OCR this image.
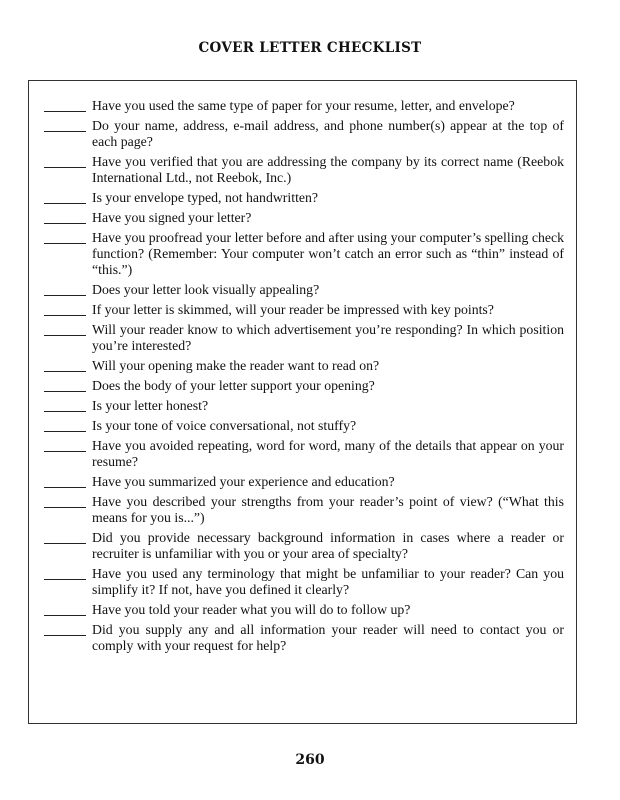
COVER LETTER CHECKLIST
Have you used the same type of paper for your resume, letter, and envelope?
Do your name, address, e-mail address, and phone number(s) appear at the top of each page?
Have you verified that you are addressing the company by its correct name (Reebok International Ltd., not Reebok, Inc.)
Is your envelope typed, not handwritten?
Have you signed your letter?
Have you proofread your letter before and after using your computer’s spelling check function? (Remember: Your computer won’t catch an error such as “thin” instead of “this.”)
Does your letter look visually appealing?
If your letter is skimmed, will your reader be impressed with key points?
Will your reader know to which advertisement you’re responding? In which position you’re interested?
Will your opening make the reader want to read on?
Does the body of your letter support your opening?
Is your letter honest?
Is your tone of voice conversational, not stuffy?
Have you avoided repeating, word for word, many of the details that appear on your resume?
Have you summarized your experience and education?
Have you described your strengths from your reader’s point of view? (“What this means for you is...”)
Did you provide necessary background information in cases where a reader or recruiter is unfamiliar with you or your area of specialty?
Have you used any terminology that might be unfamiliar to your reader? Can you simplify it? If not, have you defined it clearly?
Have you told your reader what you will do to follow up?
Did you supply any and all information your reader will need to contact you or comply with your request for help?
260
